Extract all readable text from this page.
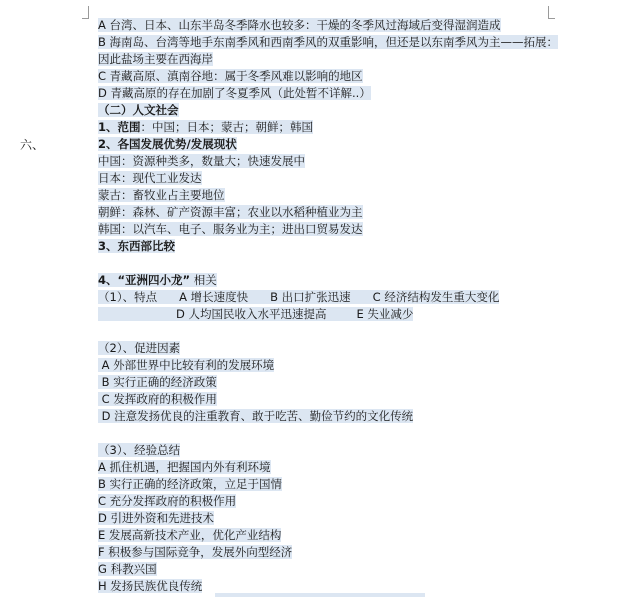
六、
A 台湾、日本、山东半岛冬季降水也较多：干燥的冬季风过海域后变得湿润造成
B 海南岛、台湾等地手东南季风和西南季风的双重影响，但还是以东南季风为主——拓展：
因此盐场主要在西海岸
C 青藏高原、滇南谷地：属于冬季风难以影响的地区
D 青藏高原的存在加剧了冬夏季风（此处暂不详解..）
（二）人文社会
1、范围：中国；日本；蒙古；朝鲜；韩国
2、各国发展优势/发展现状
中国：资源种类多，数量大；快速发展中
日本：现代工业发达
蒙古：畜牧业占主要地位
朝鲜：森林、矿产资源丰富；农业以水稻种植业为主
韩国：以汽车、电子、服务业为主；进出口贸易发达
3、东西部比较
4、“亚洲四小龙” 相关
（1）、特点 A 增长速度快 B 出口扩张迅速 C 经济结构发生重大变化
D 人均国民收入水平迅速提高	E 失业减少
（2）、促进因素
A 外部世界中比较有利的发展环境
B 实行正确的经济政策
C 发挥政府的积极作用
D 注意发扬优良的注重教育、敢于吃苦、勤俭节约的文化传统
（3）、经验总结
A 抓住机遇，把握国内外有利环境
B 实行正确的经济政策，立足于国情
C 充分发挥政府的积极作用
D 引进外资和先进技术
E 发展高新技术产业，优化产业结构
F 积极参与国际竞争，发展外向型经济
G 科教兴国
H 发扬民族优良传统
